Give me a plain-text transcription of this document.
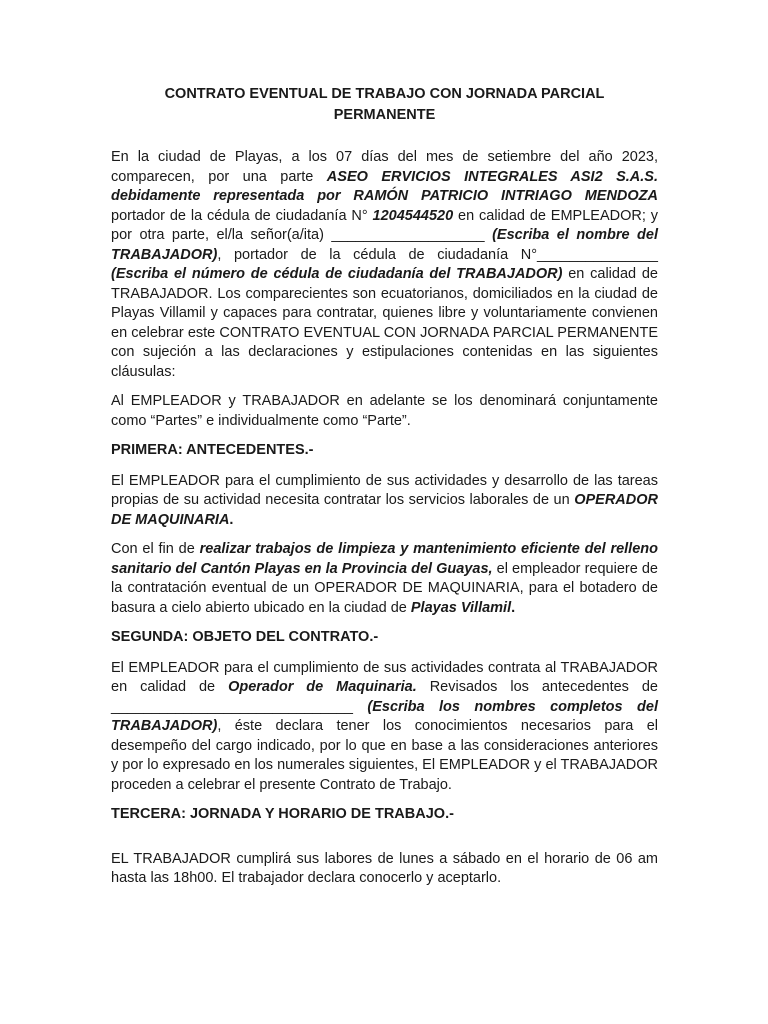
CONTRATO EVENTUAL DE TRABAJO CON JORNADA PARCIAL
PERMANENTE

En la ciudad de Playas, a los 07 días del mes de setiembre del año 2023, comparecen, por una parte ASEO ERVICIOS INTEGRALES ASI2 S.A.S. debidamente representada por RAMÓN PATRICIO INTRIAGO MENDOZA portador de la cédula de ciudadanía N° 1204544520 en calidad de EMPLEADOR; y por otra parte, el/la señor(a/ita) ___________________ (Escriba el nombre del TRABAJADOR), portador de la cédula de ciudadanía N°_______________ (Escriba el número de cédula de ciudadanía del TRABAJADOR) en calidad de TRABAJADOR. Los comparecientes son ecuatorianos, domiciliados en la ciudad de Playas Villamil y capaces para contratar, quienes libre y voluntariamente convienen en celebrar este CONTRATO EVENTUAL CON JORNADA PARCIAL PERMANENTE con sujeción a las declaraciones y estipulaciones contenidas en las siguientes cláusulas:

Al EMPLEADOR y TRABAJADOR en adelante se los denominará conjuntamente como “Partes” e individualmente como “Parte”.

PRIMERA: ANTECEDENTES.-

El EMPLEADOR para el cumplimiento de sus actividades y desarrollo de las tareas propias de su actividad necesita contratar los servicios laborales de un OPERADOR DE MAQUINARIA.

Con el fin de realizar trabajos de limpieza y mantenimiento eficiente del relleno sanitario del Cantón Playas en la Provincia del Guayas, el empleador requiere de la contratación eventual de un OPERADOR DE MAQUINARIA, para el botadero de basura a cielo abierto ubicado en la ciudad de Playas Villamil.

SEGUNDA: OBJETO DEL CONTRATO.-

El EMPLEADOR para el cumplimiento de sus actividades contrata al TRABAJADOR en calidad de Operador de Maquinaria. Revisados los antecedentes de ______________________________ (Escriba los nombres completos del TRABAJADOR), éste declara tener los conocimientos necesarios para el desempeño del cargo indicado, por lo que en base a las consideraciones anteriores y por lo expresado en los numerales siguientes, El EMPLEADOR y el TRABAJADOR proceden a celebrar el presente Contrato de Trabajo.

TERCERA: JORNADA Y HORARIO DE TRABAJO.-

EL TRABAJADOR cumplirá sus labores de lunes a sábado en el horario de 06 am hasta las 18h00. El trabajador declara conocerlo y aceptarlo.
